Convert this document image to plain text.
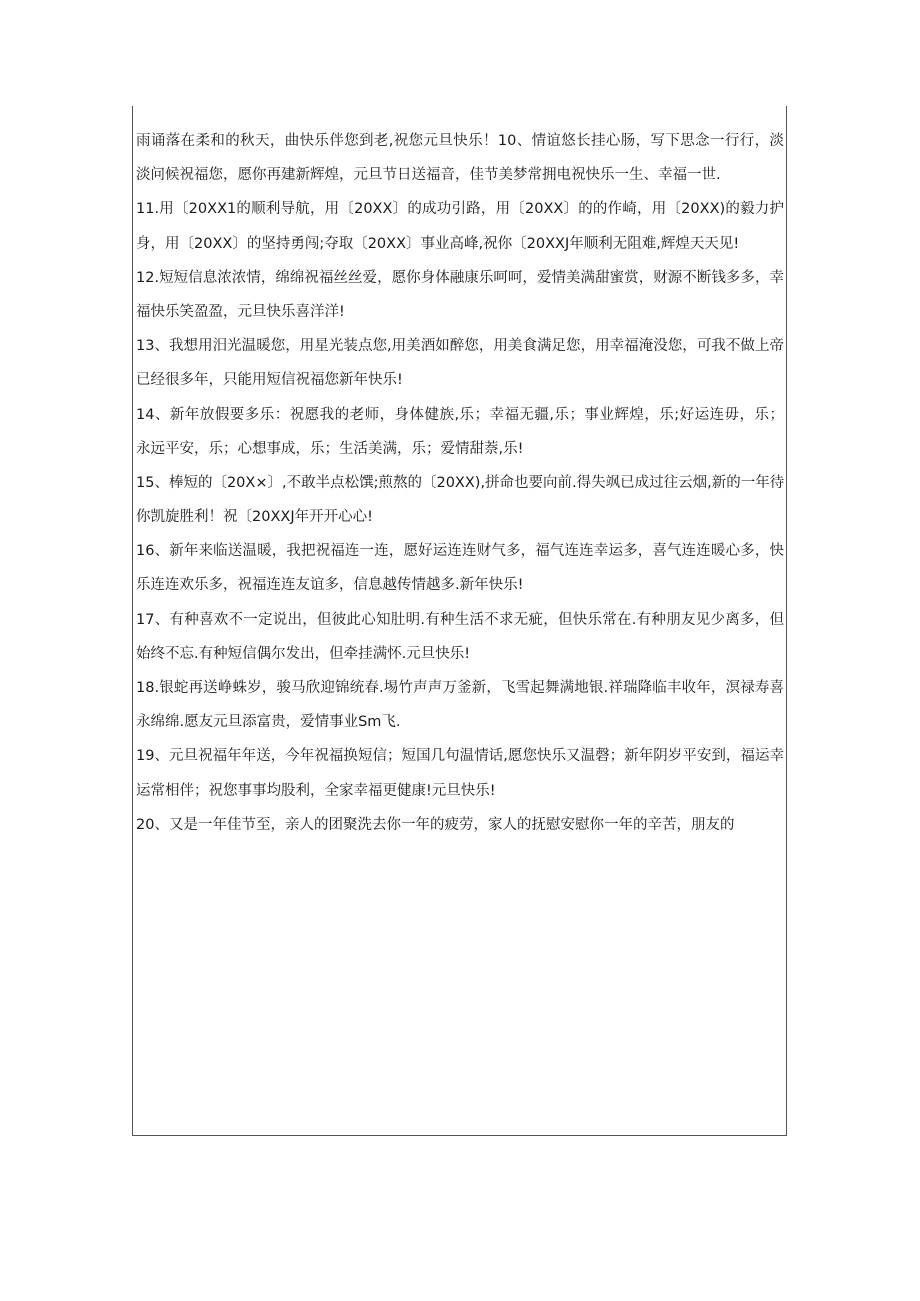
雨诵落在柔和的秋天，曲快乐伴您到老,祝您元旦快乐！10、情谊悠长挂心肠，写下思念一行行，淡
淡问候祝福您，愿你再建新辉煌，元旦节日送福音，佳节美梦常拥电祝快乐一生、幸福一世.
11.用〔20XX1的顺利导航，用〔20XX〕的成功引路，用〔20XX〕的的作崎，用〔20XX)的毅力护
身，用〔20XX〕的坚持勇闯;夺取〔20XX〕事业高峰,祝你〔20XXJ年顺利无阻难,辉煌天天见!
12.短短信息浓浓情，绵绵祝福丝丝爱，愿你身体融康乐呵呵，爱情美满甜蜜赏，财源不断钱多多，幸
福快乐笑盈盈，元旦快乐喜洋洋!
13、我想用汨光温暖您，用星光装点您,用美酒如醉您，用美食满足您，用幸福淹没您，可我不做上帝
已经很多年，只能用短信祝福您新年快乐!
14、新年放假要多乐：祝愿我的老师，身体健族,乐；幸福无疆,乐；事业辉煌，乐;好运连毋，乐；
永远平安，乐；心想事成，乐；生活美满，乐；爱情甜萘,乐!
15、棒短的〔20X×〕,不敢半点松馔;煎熬的〔20XX),拼命也要向前.得失飒已成过往云烟,新的一年待
你凯旋胜利！祝〔20XXJ年开开心心!
16、新年来临送温暖，我把祝福连一连，愿好运连连财气多，福气连连幸运多，喜气连连暖心多，快
乐连连欢乐多，祝福连连友谊多，信息越传情越多.新年快乐!
17、有种喜欢不一定说出，但彼此心知肚明.有种生活不求无疵，但快乐常在.有种朋友见少离多，但
始终不忘.有种短信偶尔发出，但牵挂满怀.元旦快乐!
18.银蛇再送峥蛛岁，骏马欣迎锦统春.埸竹声声万釜新，飞雪起舞满地银.祥瑞降临丰收年，溟禄寿喜
永绵绵.愿友元旦添富贵，爱情事业Sm飞.
19、元旦祝福年年送，今年祝福换短信；短国几句温情话,愿您快乐又温磬；新年阴岁平安到，福运幸
运常相伴；祝您事事均股利，全家幸福更健康!元旦快乐!
20、又是一年佳节至，亲人的团聚洗去你一年的疲劳，家人的抚慰安慰你一年的辛苦，朋友的
